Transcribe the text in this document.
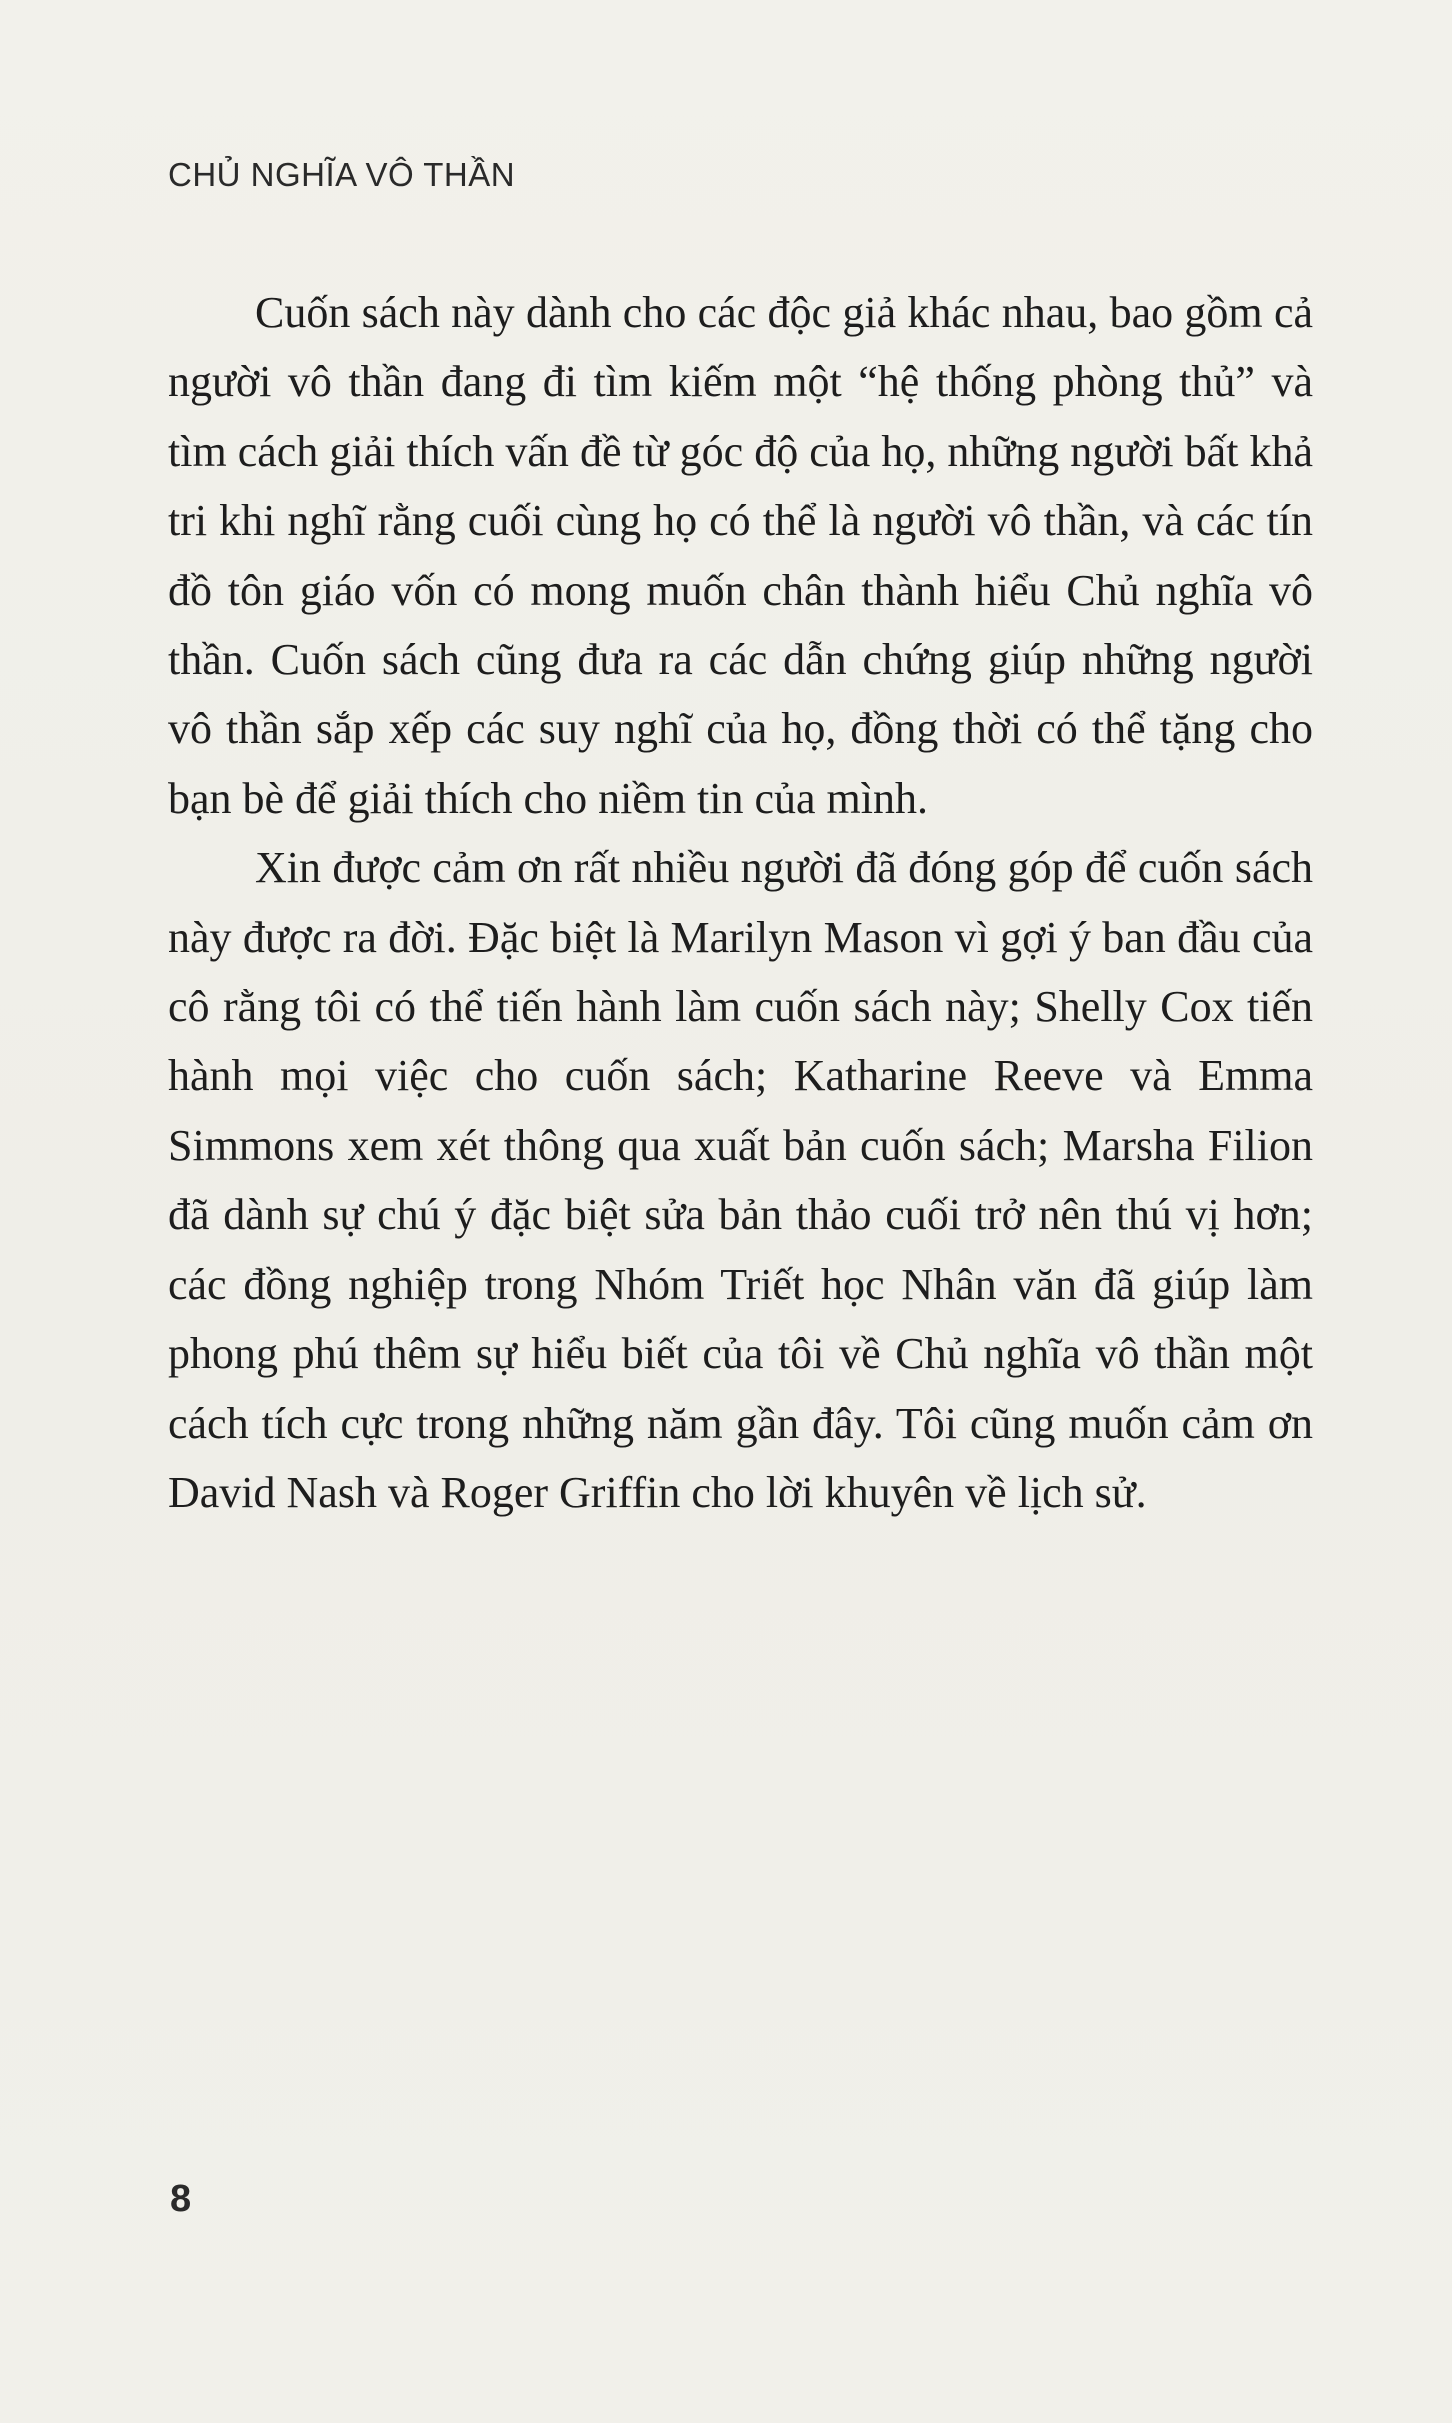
CHỦ NGHĨA VÔ THẦN

Cuốn sách này dành cho các độc giả khác nhau, bao gồm cả người vô thần đang đi tìm kiếm một “hệ thống phòng thủ” và tìm cách giải thích vấn đề từ góc độ của họ, những người bất khả tri khi nghĩ rằng cuối cùng họ có thể là người vô thần, và các tín đồ tôn giáo vốn có mong muốn chân thành hiểu Chủ nghĩa vô thần. Cuốn sách cũng đưa ra các dẫn chứng giúp những người vô thần sắp xếp các suy nghĩ của họ, đồng thời có thể tặng cho bạn bè để giải thích cho niềm tin của mình.

Xin được cảm ơn rất nhiều người đã đóng góp để cuốn sách này được ra đời. Đặc biệt là Marilyn Mason vì gợi ý ban đầu của cô rằng tôi có thể tiến hành làm cuốn sách này; Shelly Cox tiến hành mọi việc cho cuốn sách; Katharine Reeve và Emma Simmons xem xét thông qua xuất bản cuốn sách; Marsha Filion đã dành sự chú ý đặc biệt sửa bản thảo cuối trở nên thú vị hơn; các đồng nghiệp trong Nhóm Triết học Nhân văn đã giúp làm phong phú thêm sự hiểu biết của tôi về Chủ nghĩa vô thần một cách tích cực trong những năm gần đây. Tôi cũng muốn cảm ơn David Nash và Roger Griffin cho lời khuyên về lịch sử.

8
